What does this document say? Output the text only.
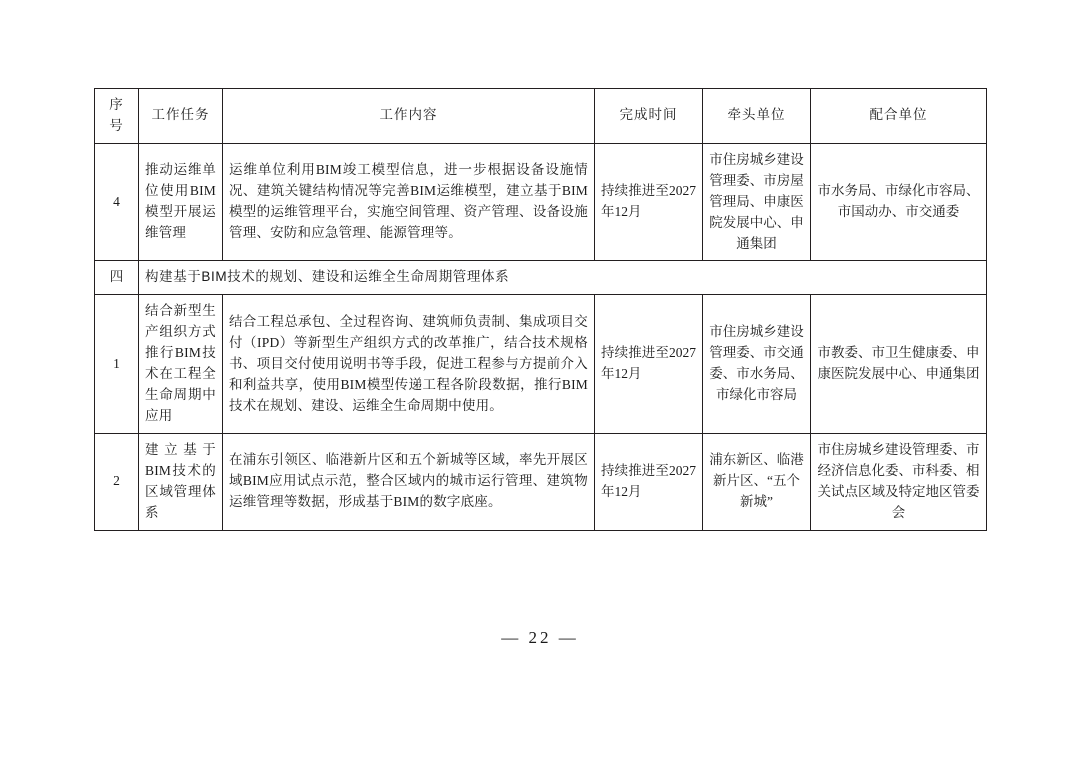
序
号	工作任务	工作内容	完成时间	牵头单位	配合单位
4	推动运维单位使用BIM模型开展运维管理	运维单位利用BIM竣工模型信息，进一步根据设备设施情况、建筑关键结构情况等完善BIM运维模型，建立基于BIM模型的运维管理平台，实施空间管理、资产管理、设备设施管理、安防和应急管理、能源管理等。	持续推进至2027年12月	市住房城乡建设管理委、市房屋管理局、申康医院发展中心、申通集团	市水务局、市绿化市容局、市国动办、市交通委
四	构建基于BIM技术的规划、建设和运维全生命周期管理体系				
1	结合新型生产组织方式推行BIM技术在工程全生命周期中应用	结合工程总承包、全过程咨询、建筑师负责制、集成项目交付（IPD）等新型生产组织方式的改革推广，结合技术规格书、项目交付使用说明书等手段，促进工程参与方提前介入和利益共享，使用BIM模型传递工程各阶段数据，推行BIM技术在规划、建设、运维全生命周期中使用。	持续推进至2027年12月	市住房城乡建设管理委、市交通委、市水务局、市绿化市容局	市教委、市卫生健康委、申康医院发展中心、申通集团
2	建立基于BIM技术的区域管理体系	在浦东引领区、临港新片区和五个新城等区域，率先开展区域BIM应用试点示范，整合区域内的城市运行管理、建筑物运维管理等数据，形成基于BIM的数字底座。	持续推进至2027年12月	浦东新区、临港新片区、“五个新城”	市住房城乡建设管理委、市经济信息化委、市科委、相关试点区域及特定地区管委会
— 22 —
